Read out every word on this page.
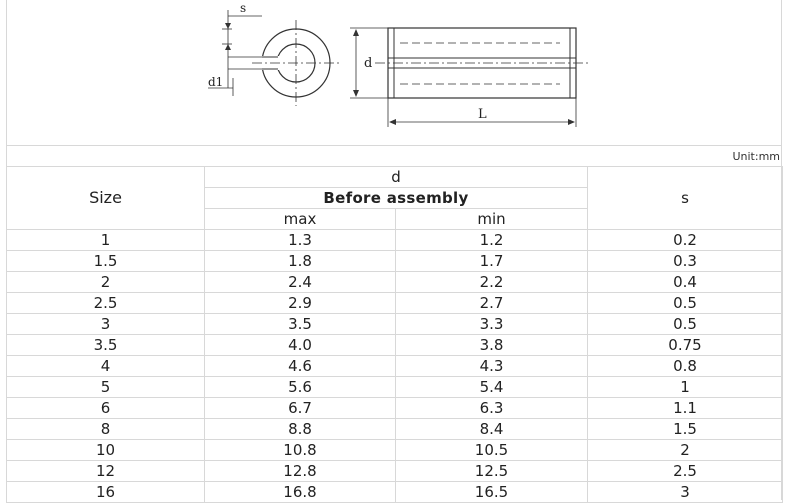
s
d1
d
L
Unit:mm
Size	d		s
	Before assembly		
	max	min	
1	1.3	1.2	0.2
1.5	1.8	1.7	0.3
2	2.4	2.2	0.4
2.5	2.9	2.7	0.5
3	3.5	3.3	0.5
3.5	4.0	3.8	0.75
4	4.6	4.3	0.8
5	5.6	5.4	1
6	6.7	6.3	1.1
8	8.8	8.4	1.5
10	10.8	10.5	2
12	12.8	12.5	2.5
16	16.8	16.5	3
